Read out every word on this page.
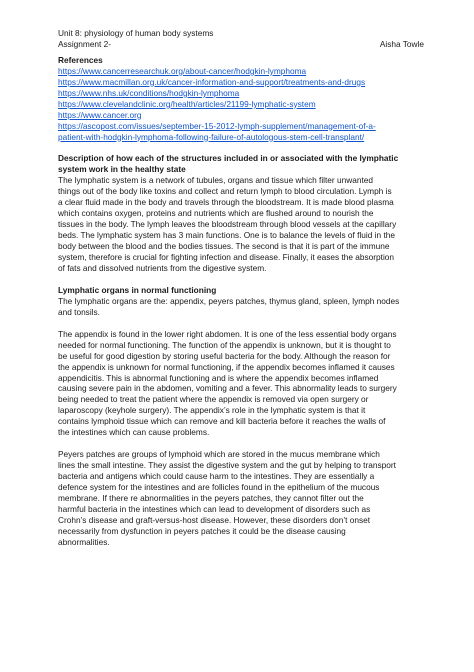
Unit 8: physiology of human body systems

Assignment 2-	Aisha Towle

References

https://www.cancerresearchuk.org/about-cancer/hodgkin-lymphoma

https://www.macmillan.org.uk/cancer-information-and-support/treatments-and-drugs

https://www.nhs.uk/conditions/hodgkin-lymphoma

https://www.clevelandclinic.org/health/articles/21199-lymphatic-system

https://www.cancer.org

https://ascopost.com/issues/september-15-2012-lymph-supplement/management-of-a-

patient-with-hodgkin-lymphoma-following-failure-of-autologous-stem-cell-transplant/

Description of how each of the structures included in or associated with the lymphatic

system work in the healthy state

The lymphatic system is a network of tubules, organs and tissue which filter unwanted

things out of the body like toxins and collect and return lymph to blood circulation. Lymph is

a clear fluid made in the body and travels through the bloodstream. It is made blood plasma

which contains oxygen, proteins and nutrients which are flushed around to nourish the

tissues in the body. The lymph leaves the bloodstream through blood vessels at the capillary

beds. The lymphatic system has 3 main functions. One is to balance the levels of fluid in the

body between the blood and the bodies tissues. The second is that it is part of the immune

system, therefore is crucial for fighting infection and disease. Finally, it eases the absorption

of fats and dissolved nutrients from the digestive system.

Lymphatic organs in normal functioning

The lymphatic organs are the: appendix, peyers patches, thymus gland, spleen, lymph nodes

and tonsils.

The appendix is found in the lower right abdomen. It is one of the less essential body organs

needed for normal functioning. The function of the appendix is unknown, but it is thought to

be useful for good digestion by storing useful bacteria for the body. Although the reason for

the appendix is unknown for normal functioning, if the appendix becomes inflamed it causes

appendicitis. This is abnormal functioning and is where the appendix becomes inflamed

causing severe pain in the abdomen, vomiting and a fever. This abnormality leads to surgery

being needed to treat the patient where the appendix is removed via open surgery or

laparoscopy (keyhole surgery). The appendix’s role in the lymphatic system is that it

contains lymphoid tissue which can remove and kill bacteria before it reaches the walls of

the intestines which can cause problems.

Peyers patches are groups of lymphoid which are stored in the mucus membrane which

lines the small intestine. They assist the digestive system and the gut by helping to transport

bacteria and antigens which could cause harm to the intestines. They are essentially a

defence system for the intestines and are follicles found in the epithelium of the mucous

membrane. If there re abnormalities in the peyers patches, they cannot filter out the

harmful bacteria in the intestines which can lead to development of disorders such as

Crohn’s disease and graft-versus-host disease. However, these disorders don’t onset

necessarily from dysfunction in peyers patches it could be the disease causing

abnormalities.
